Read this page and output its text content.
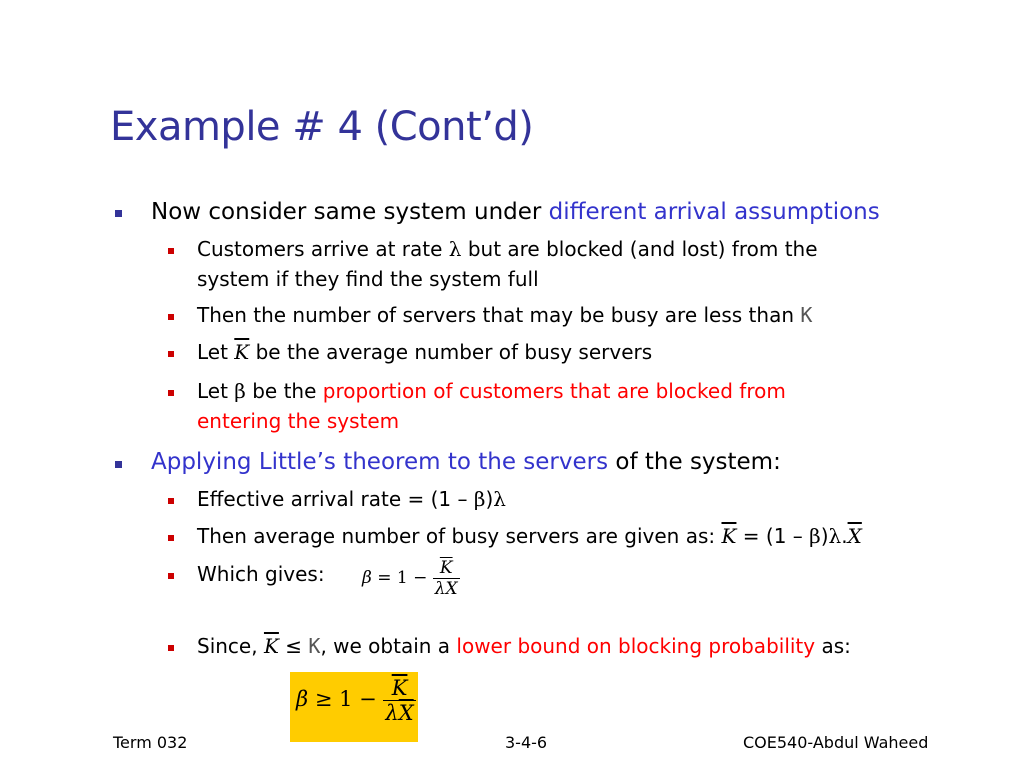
Example # 4 (Cont’d)
Now consider same system under different arrival assumptions
Customers arrive at rate λ but are blocked (and lost) from the
system if they find the system full
Then the number of servers that may be busy are less than K
Let $\overline{K}$ be the average number of busy servers
Let β be the proportion of customers that are blocked from
entering the system
Applying Little’s theorem to the servers of the system:
Effective arrival rate = (1 – β)λ
Then average number of busy servers are given as: $\overline{K} = (1 - \beta)\lambda.\overline{X}$
Which gives: $\beta = 1 - \frac{\overline{K}}{\lambda\overline{X}}$
Since, $\overline{K} \le K$, we obtain a lower bound on blocking probability as:
$\beta \ge 1 - \frac{\overline{K}}{\lambda\overline{X}}$
Term 032	3-4-6	COE540-Abdul Waheed
